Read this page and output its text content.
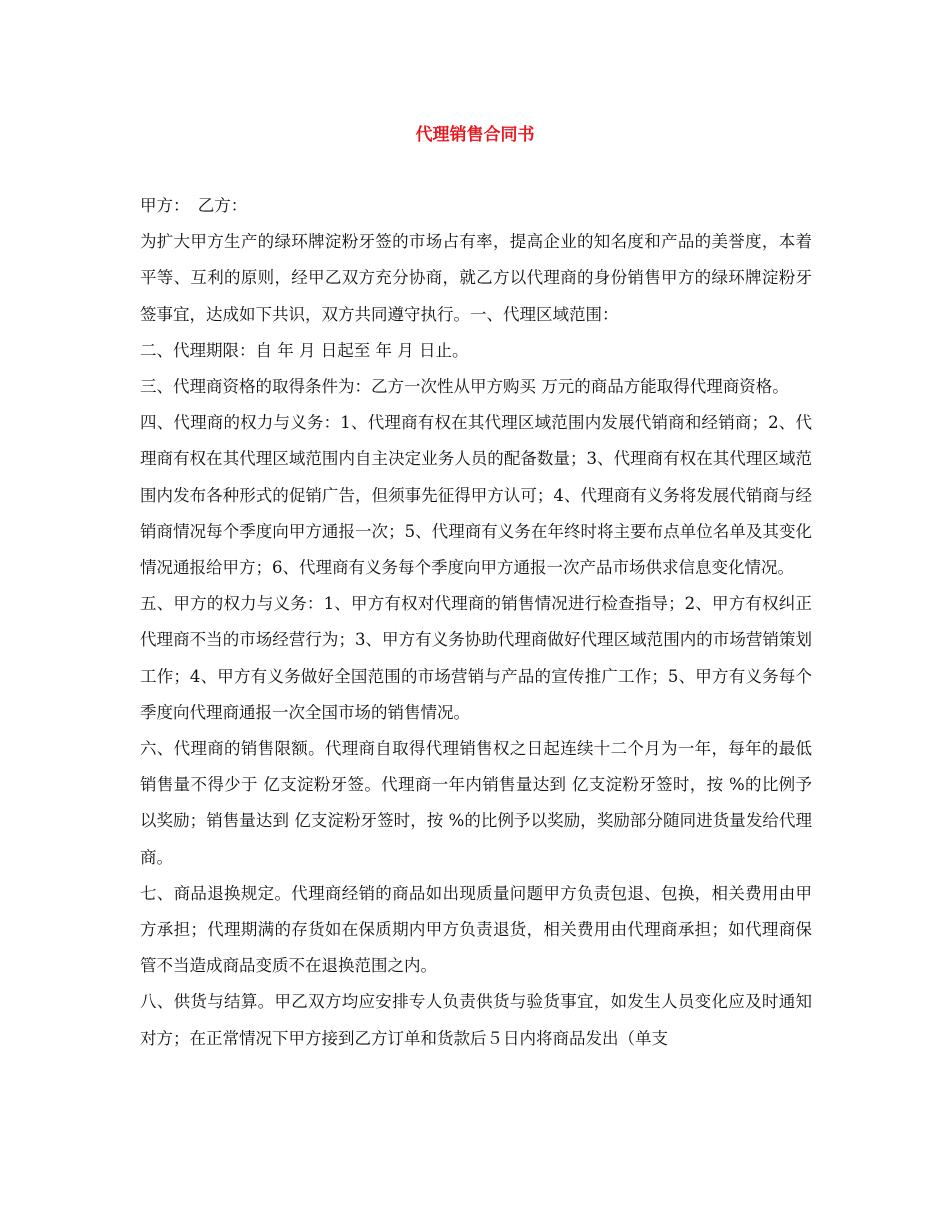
代理销售合同书

甲方：　乙方：

为扩大甲方生产的绿环牌淀粉牙签的市场占有率，提高企业的知名度和产品的美誉度，本着平等、互利的原则，经甲乙双方充分协商，就乙方以代理商的身份销售甲方的绿环牌淀粉牙签事宜，达成如下共识，双方共同遵守执行。一、代理区域范围：

二、代理期限：自 年 月 日起至 年 月 日止。

三、代理商资格的取得条件为：乙方一次性从甲方购买 万元的商品方能取得代理商资格。

四、代理商的权力与义务：1、代理商有权在其代理区域范围内发展代销商和经销商；2、代理商有权在其代理区域范围内自主决定业务人员的配备数量；3、代理商有权在其代理区域范围内发布各种形式的促销广告，但须事先征得甲方认可；4、代理商有义务将发展代销商与经销商情况每个季度向甲方通报一次；5、代理商有义务在年终时将主要布点单位名单及其变化情况通报给甲方；6、代理商有义务每个季度向甲方通报一次产品市场供求信息变化情况。

五、甲方的权力与义务：1、甲方有权对代理商的销售情况进行检查指导；2、甲方有权纠正代理商不当的市场经营行为；3、甲方有义务协助代理商做好代理区域范围内的市场营销策划工作；4、甲方有义务做好全国范围的市场营销与产品的宣传推广工作；5、甲方有义务每个季度向代理商通报一次全国市场的销售情况。

六、代理商的销售限额。代理商自取得代理销售权之日起连续十二个月为一年，每年的最低销售量不得少于 亿支淀粉牙签。代理商一年内销售量达到 亿支淀粉牙签时，按 %的比例予以奖励；销售量达到 亿支淀粉牙签时，按 %的比例予以奖励，奖励部分随同进货量发给代理商。

七、商品退换规定。代理商经销的商品如出现质量问题甲方负责包退、包换，相关费用由甲方承担；代理期满的存货如在保质期内甲方负责退货，相关费用由代理商承担；如代理商保管不当造成商品变质不在退换范围之内。

八、供货与结算。甲乙双方均应安排专人负责供货与验货事宜，如发生人员变化应及时通知对方；在正常情况下甲方接到乙方订单和货款后５日内将商品发出（单支
